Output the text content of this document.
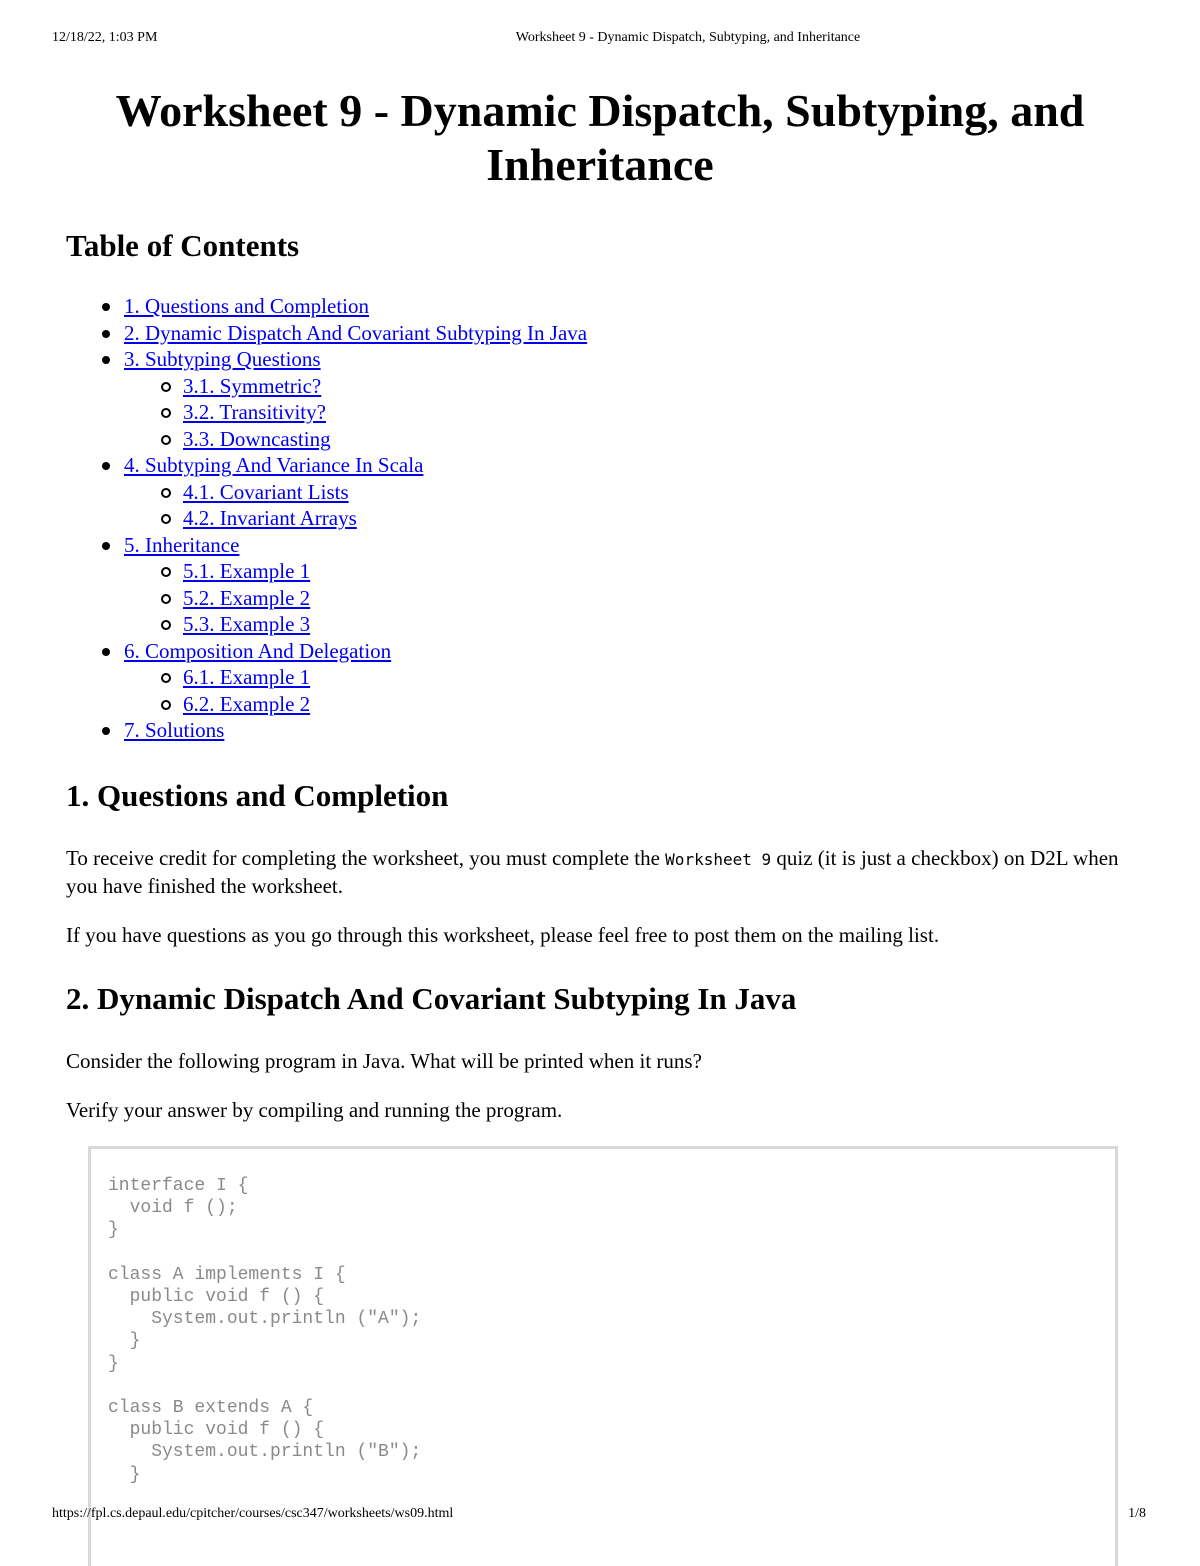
12/18/22, 1:03 PM	Worksheet 9 - Dynamic Dispatch, Subtyping, and Inheritance
Worksheet 9 - Dynamic Dispatch, Subtyping, and
Inheritance
Table of Contents
1. Questions and Completion
2. Dynamic Dispatch And Covariant Subtyping In Java
3. Subtyping Questions
3.1. Symmetric?
3.2. Transitivity?
3.3. Downcasting
4. Subtyping And Variance In Scala
4.1. Covariant Lists
4.2. Invariant Arrays
5. Inheritance
5.1. Example 1
5.2. Example 2
5.3. Example 3
6. Composition And Delegation
6.1. Example 1
6.2. Example 2
7. Solutions
1. Questions and Completion

To receive credit for completing the worksheet, you must complete the Worksheet 9 quiz (it is just a checkbox) on D2L when you have finished the worksheet.

If you have questions as you go through this worksheet, please feel free to post them on the mailing list.

2. Dynamic Dispatch And Covariant Subtyping In Java

Consider the following program in Java. What will be printed when it runs?

Verify your answer by compiling and running the program.

interface I {
void f ();
}
class A implements I {
public void f () {
System.out.println ("A");
}
}
class B extends A {
public void f () {
System.out.println ("B");
}
https://fpl.cs.depaul.edu/cpitcher/courses/csc347/worksheets/ws09.html	1/8
